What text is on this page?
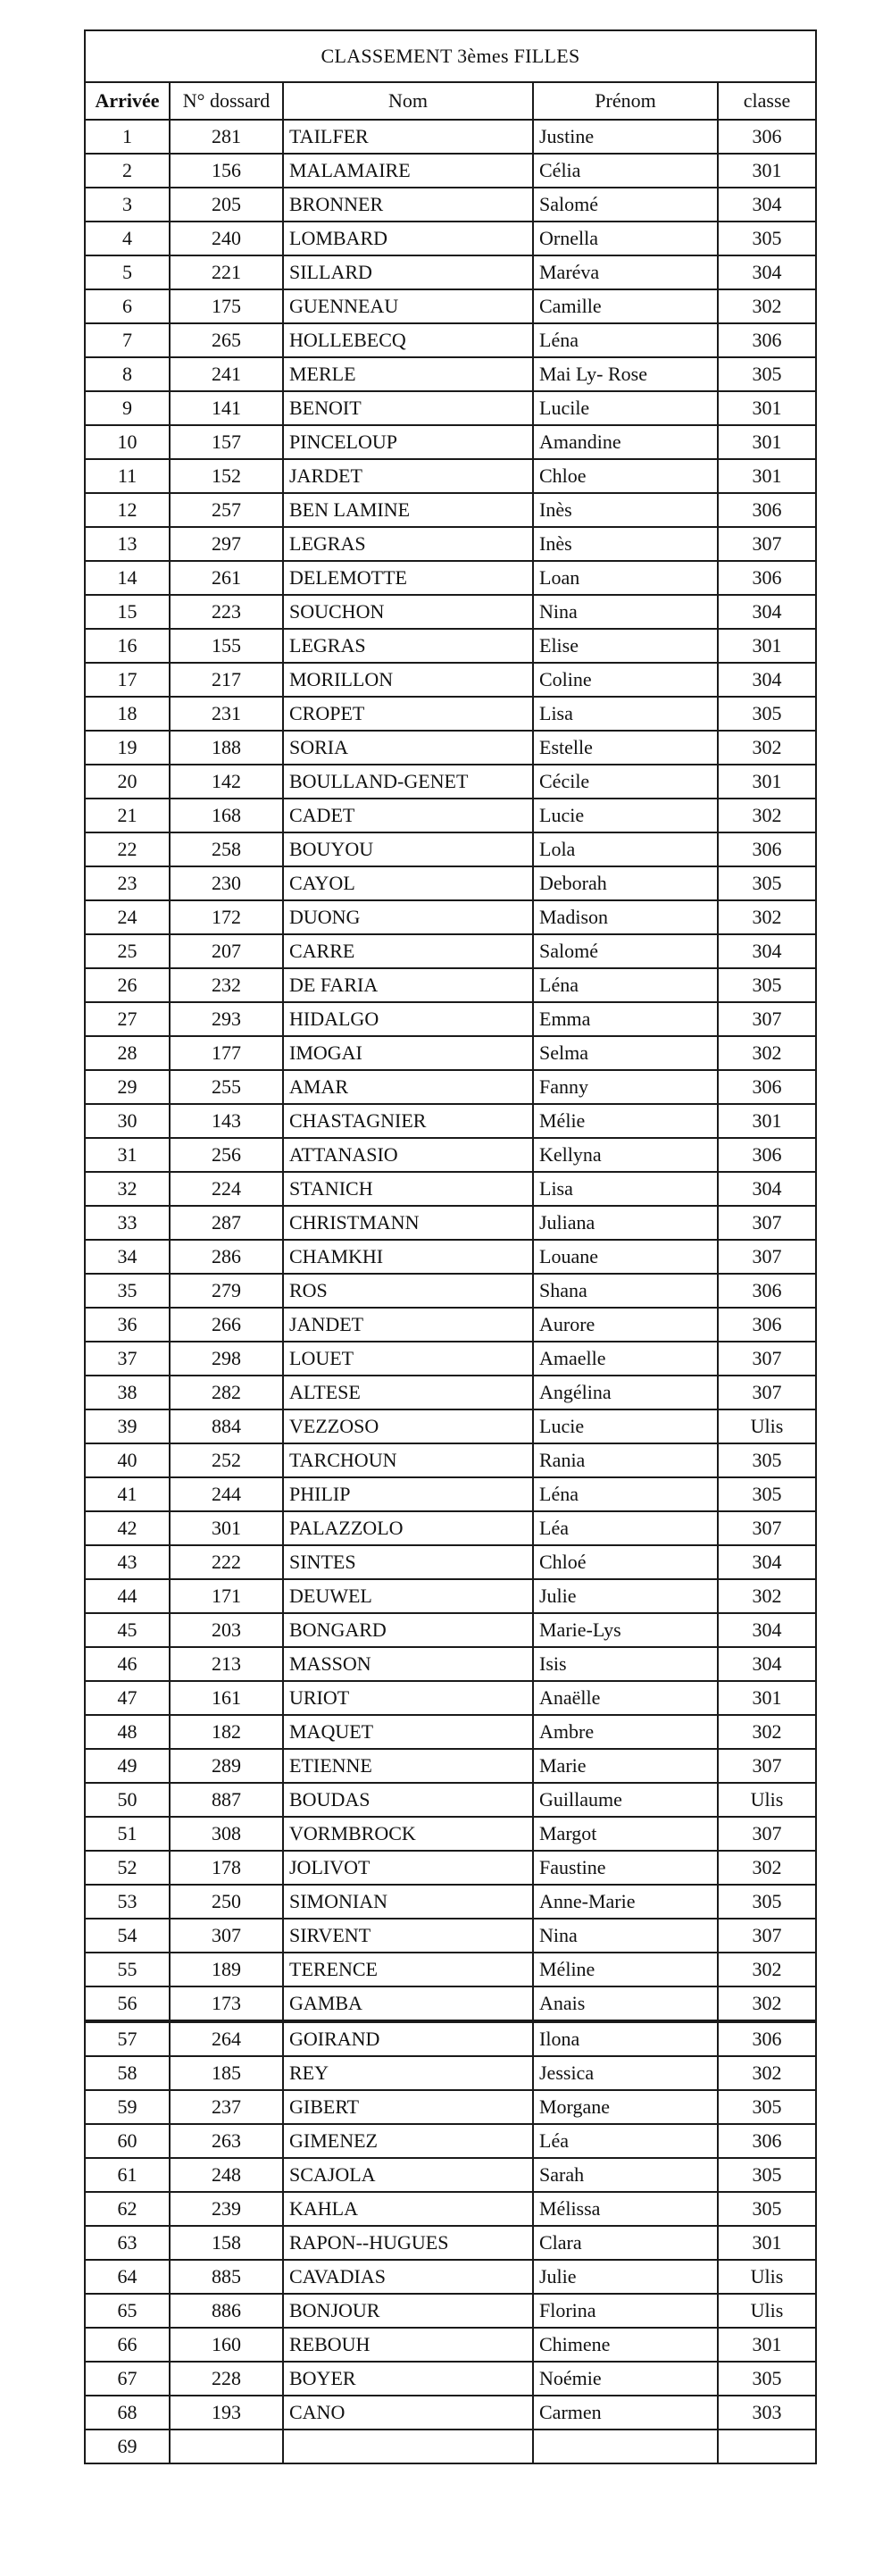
CLASSEMENT 3èmes FILLES				
Arrivée	N° dossard	Nom	Prénom	classe
1	281	TAILFER	Justine	306
2	156	MALAMAIRE	Célia	301
3	205	BRONNER	Salomé	304
4	240	LOMBARD	Ornella	305
5	221	SILLARD	Maréva	304
6	175	GUENNEAU	Camille	302
7	265	HOLLEBECQ	Léna	306
8	241	MERLE	Mai Ly- Rose	305
9	141	BENOIT	Lucile	301
10	157	PINCELOUP	Amandine	301
11	152	JARDET	Chloe	301
12	257	BEN LAMINE	Inès	306
13	297	LEGRAS	Inès	307
14	261	DELEMOTTE	Loan	306
15	223	SOUCHON	Nina	304
16	155	LEGRAS	Elise	301
17	217	MORILLON	Coline	304
18	231	CROPET	Lisa	305
19	188	SORIA	Estelle	302
20	142	BOULLAND-GENET	Cécile	301
21	168	CADET	Lucie	302
22	258	BOUYOU	Lola	306
23	230	CAYOL	Deborah	305
24	172	DUONG	Madison	302
25	207	CARRE	Salomé	304
26	232	DE FARIA	Léna	305
27	293	HIDALGO	Emma	307
28	177	IMOGAI	Selma	302
29	255	AMAR	Fanny	306
30	143	CHASTAGNIER	Mélie	301
31	256	ATTANASIO	Kellyna	306
32	224	STANICH	Lisa	304
33	287	CHRISTMANN	Juliana	307
34	286	CHAMKHI	Louane	307
35	279	ROS	Shana	306
36	266	JANDET	Aurore	306
37	298	LOUET	Amaelle	307
38	282	ALTESE	Angélina	307
39	884	VEZZOSO	Lucie	Ulis
40	252	TARCHOUN	Rania	305
41	244	PHILIP	Léna	305
42	301	PALAZZOLO	Léa	307
43	222	SINTES	Chloé	304
44	171	DEUWEL	Julie	302
45	203	BONGARD	Marie-Lys	304
46	213	MASSON	Isis	304
47	161	URIOT	Anaëlle	301
48	182	MAQUET	Ambre	302
49	289	ETIENNE	Marie	307
50	887	BOUDAS	Guillaume	Ulis
51	308	VORMBROCK	Margot	307
52	178	JOLIVOT	Faustine	302
53	250	SIMONIAN	Anne-Marie	305
54	307	SIRVENT	Nina	307
55	189	TERENCE	Méline	302
56	173	GAMBA	Anais	302
57	264	GOIRAND	Ilona	306
58	185	REY	Jessica	302
59	237	GIBERT	Morgane	305
60	263	GIMENEZ	Léa	306
61	248	SCAJOLA	Sarah	305
62	239	KAHLA	Mélissa	305
63	158	RAPON--HUGUES	Clara	301
64	885	CAVADIAS	Julie	Ulis
65	886	BONJOUR	Florina	Ulis
66	160	REBOUH	Chimene	301
67	228	BOYER	Noémie	305
68	193	CANO	Carmen	303
69				
